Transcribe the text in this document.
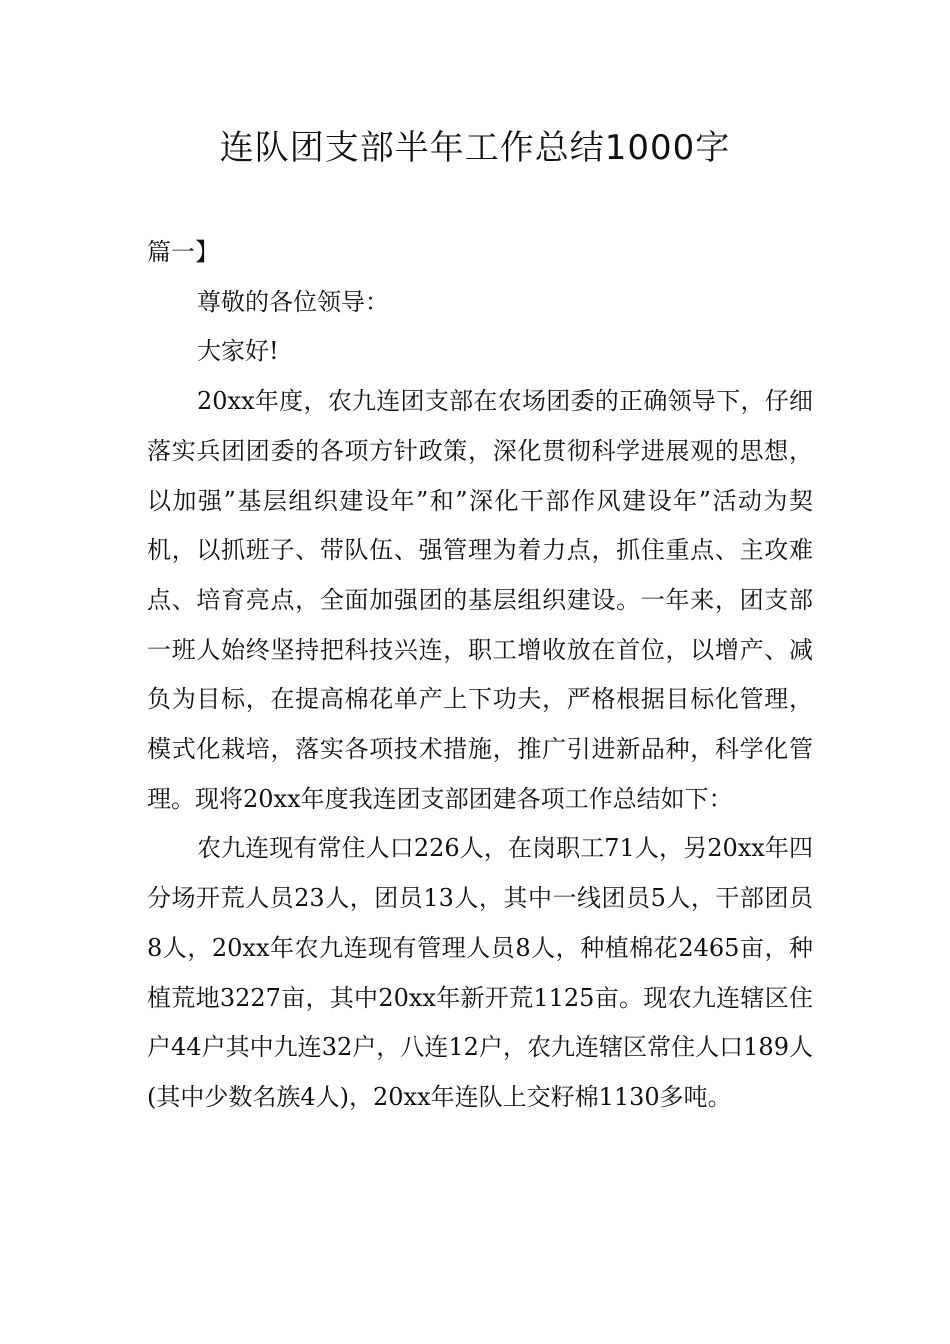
连队团支部半年工作总结1000字

篇一】

尊敬的各位领导：

大家好!

20xx年度，农九连团支部在农场团委的正确领导下，仔细落实兵团团委的各项方针政策，深化贯彻科学进展观的思想，以加强”基层组织建设年”和”深化干部作风建设年”活动为契机，以抓班子、带队伍、强管理为着力点，抓住重点、主攻难点、培育亮点，全面加强团的基层组织建设。一年来，团支部一班人始终坚持把科技兴连，职工增收放在首位，以增产、减负为目标，在提高棉花单产上下功夫，严格根据目标化管理，模式化栽培，落实各项技术措施，推广引进新品种，科学化管理。现将20xx年度我连团支部团建各项工作总结如下：

农九连现有常住人口226人，在岗职工71人，另20xx年四分场开荒人员23人，团员13人，其中一线团员5人，干部团员8人，20xx年农九连现有管理人员8人，种植棉花2465亩，种植荒地3227亩，其中20xx年新开荒1125亩。现农九连辖区住户44户其中九连32户，八连12户，农九连辖区常住人口189人(其中少数名族4人)，20xx年连队上交籽棉1130多吨。
